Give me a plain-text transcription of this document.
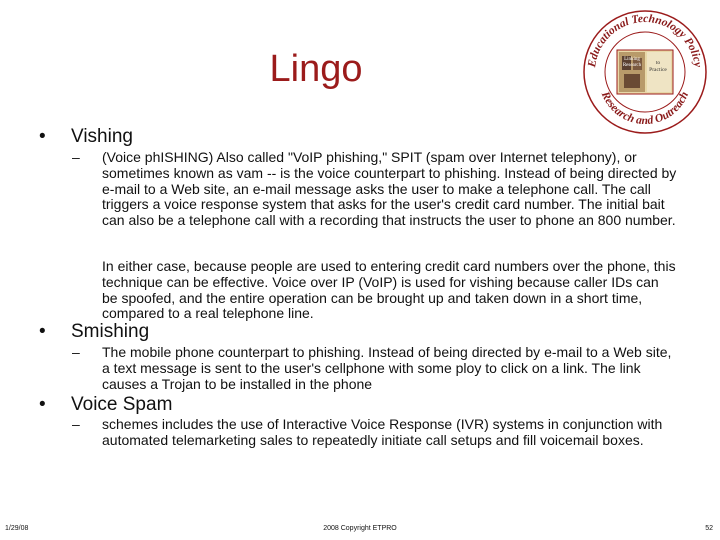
Lingo	Educational Technology Policy
Research and Outreach
to
Practice
Linking
Research
• Vishing
– (Voice phISHING) Also called "VoIP phishing," SPIT (spam over Internet telephony), or sometimes known as vam -- is the voice counterpart to phishing. Instead of being directed by e-mail to a Web site, an e-mail message asks the user to make a telephone call. The call triggers a voice response system that asks for the user's credit card number. The initial bait can also be a telephone call with a recording that instructs the user to phone an 800 number.
In either case, because people are used to entering credit card numbers over the phone, this technique can be effective. Voice over IP (VoIP) is used for vishing because caller IDs can be spoofed, and the entire operation can be brought up and taken down in a short time, compared to a real telephone line.
• Smishing
– The mobile phone counterpart to phishing. Instead of being directed by e-mail to a Web site, a text message is sent to the user's cellphone with some ploy to click on a link. The link causes a Trojan to be installed in the phone
• Voice Spam
– schemes includes the use of Interactive Voice Response (IVR) systems in conjunction with automated telemarketing sales to repeatedly initiate call setups and fill voicemail boxes.
1/29/08	2008 Copyright ETPRO	52
